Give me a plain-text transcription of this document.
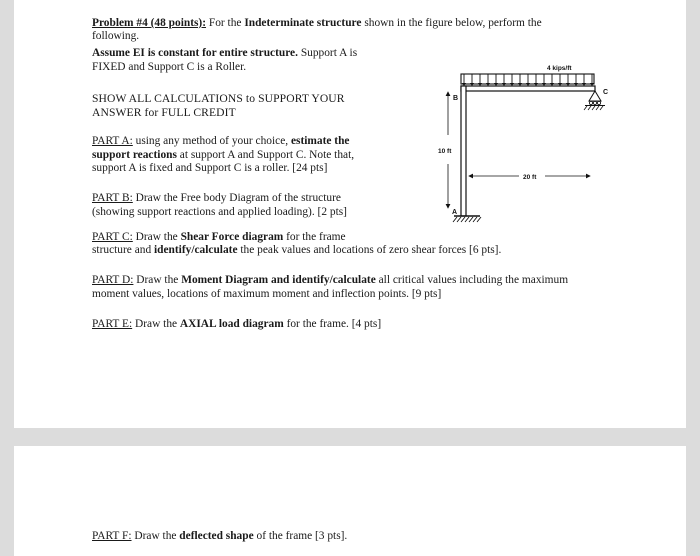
Problem #4 (48 points): For the Indeterminate structure shown in the figure below, perform the
following.
Assume EI is constant for entire structure. Support A is
FIXED and Support C is a Roller.
SHOW ALL CALCULATIONS to SUPPORT YOUR
ANSWER for FULL CREDIT
PART A: using any method of your choice, estimate the
support reactions at support A and Support C. Note that,
support A is fixed and Support C is a roller. [24 pts]
PART B: Draw the Free body Diagram of the structure
(showing support reactions and applied loading). [2 pts]
PART C: Draw the Shear Force diagram for the frame
structure and identify/calculate the peak values and locations of zero shear forces [6 pts].
PART D: Draw the Moment Diagram and identify/calculate all critical values including the maximum
moment values, locations of maximum moment and inflection points. [9 pts]
PART E: Draw the AXIAL load diagram for the frame. [4 pts]
4 kips/ft
B
C
A
10 ft
20 ft
PART F: Draw the deflected shape of the frame [3 pts].
